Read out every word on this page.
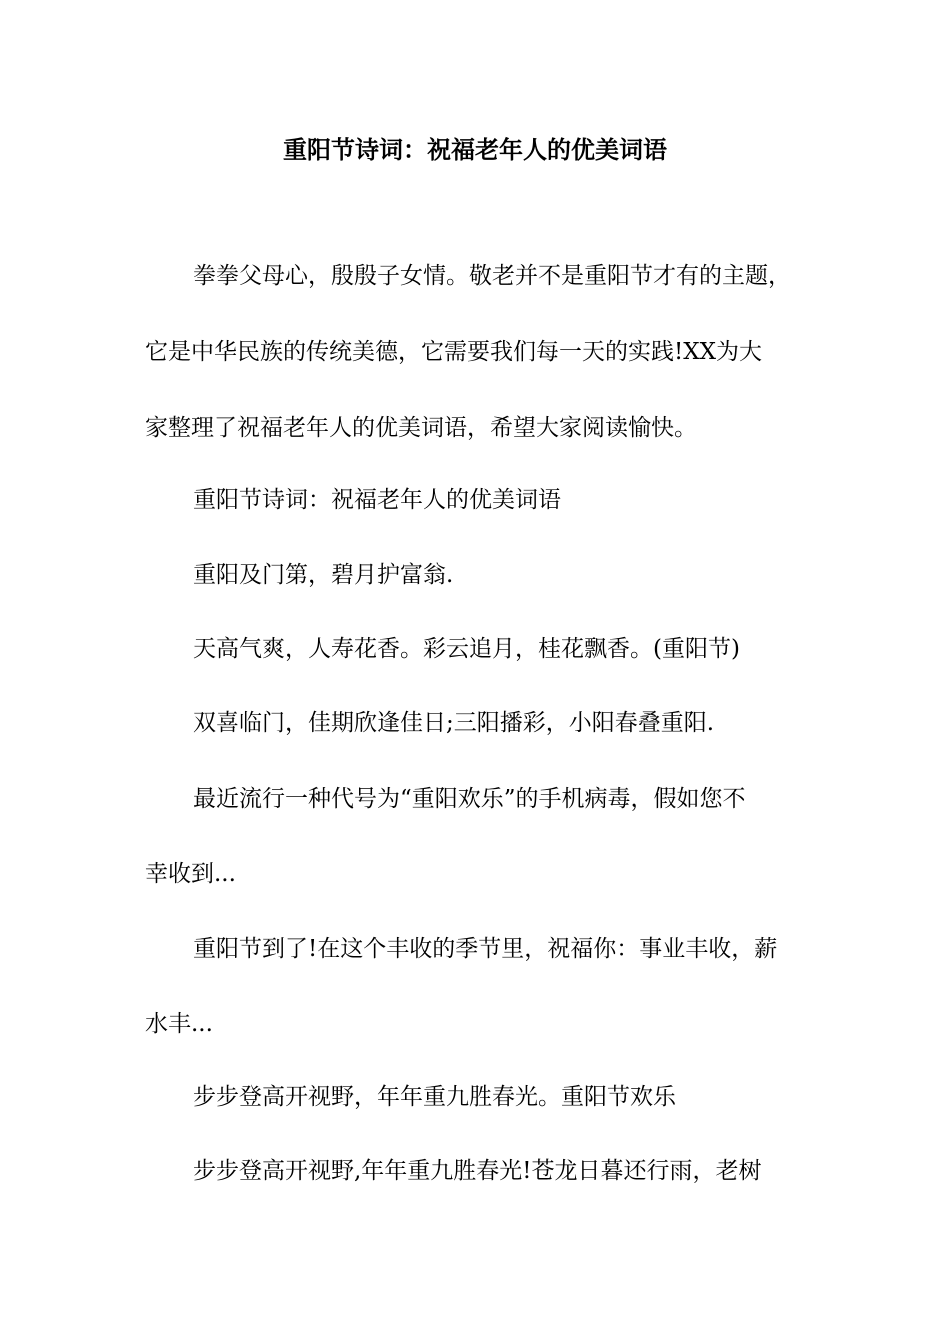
重阳节诗词：祝福老年人的优美词语
拳拳父母心，殷殷子女情。敬老并不是重阳节才有的主题，
它是中华民族的传统美德，它需要我们每一天的实践!XX为大
家整理了祝福老年人的优美词语，希望大家阅读愉快。
重阳节诗词：祝福老年人的优美词语
重阳及门第，碧月护富翁.
天高气爽，人寿花香。彩云追月，桂花飘香。(重阳节)
双喜临门，佳期欣逢佳日;三阳播彩，小阳春叠重阳.
最近流行一种代号为“重阳欢乐”的手机病毒，假如您不
幸收到...
重阳节到了!在这个丰收的季节里，祝福你：事业丰收，薪
水丰...
步步登高开视野，年年重九胜春光。重阳节欢乐
步步登高开视野,年年重九胜春光!苍龙日暮还行雨，老树
